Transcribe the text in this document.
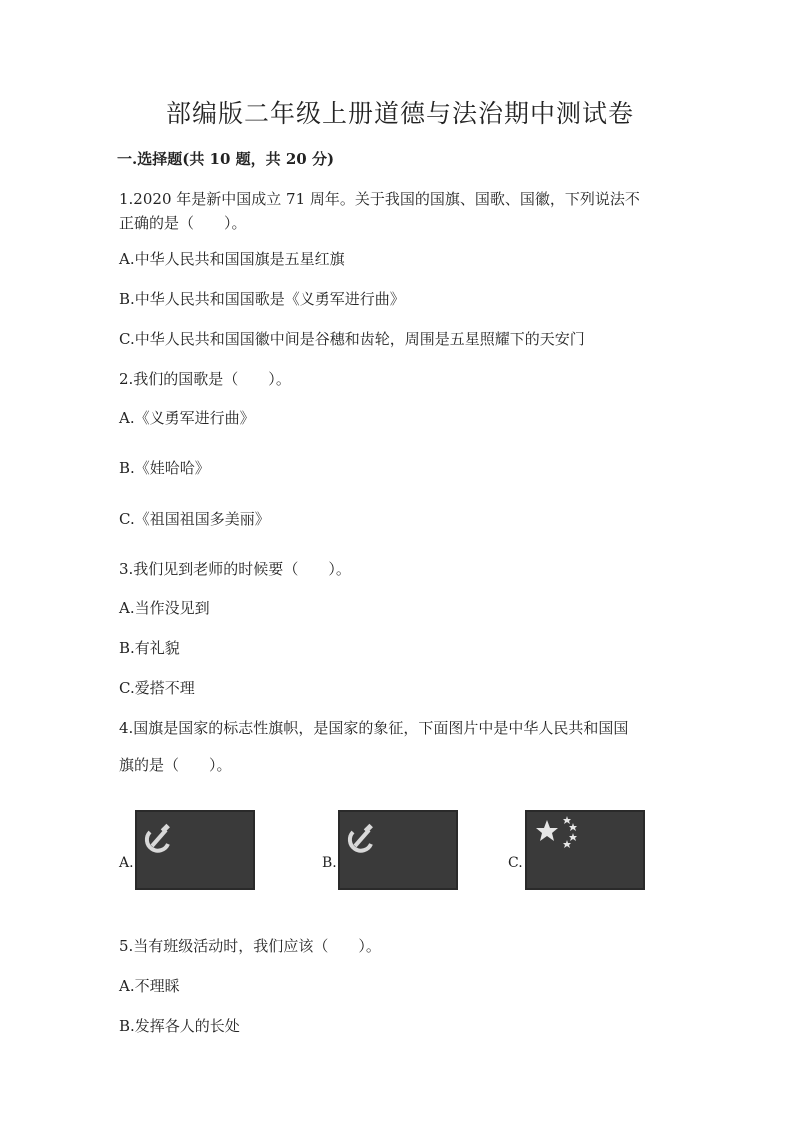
部编版二年级上册道德与法治期中测试卷
一.选择题(共 10 题，共 20 分)
1.2020 年是新中国成立 71 周年。关于我国的国旗、国歌、国徽，下列说法不
正确的是（　　）。
A.中华人民共和国国旗是五星红旗
B.中华人民共和国国歌是《义勇军进行曲》
C.中华人民共和国国徽中间是谷穗和齿轮，周围是五星照耀下的天安门
2.我们的国歌是（　　）。
A.《义勇军进行曲》
B.《娃哈哈》
C.《祖国祖国多美丽》
3.我们见到老师的时候要（　　）。
A.当作没见到
B.有礼貌
C.爱搭不理
4.国旗是国家的标志性旗帜，是国家的象征，下面图片中是中华人民共和国国
旗的是（　　）。
A.	B.	C.
5.当有班级活动时，我们应该（　　）。
A.不理睬
B.发挥各人的长处
